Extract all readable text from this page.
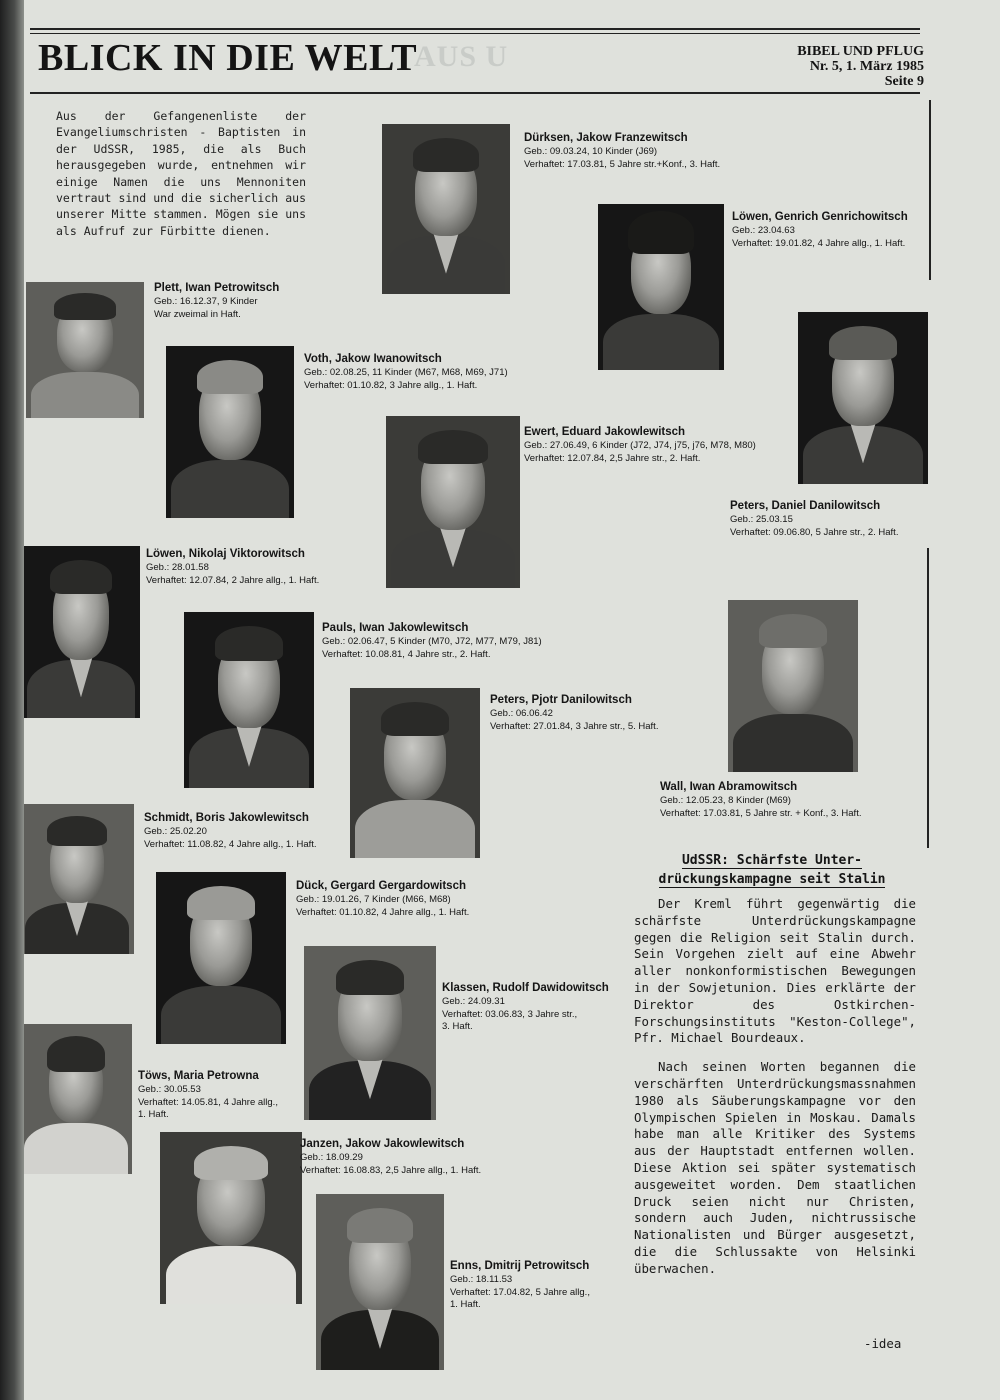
AUS U
BLICK IN DIE WELT	BIBEL UND PFLUG
Nr. 5, 1. März 1985
Seite 9
Aus der Gefangenenliste der Evangeliumschristen - Baptisten in der UdSSR, 1985, die als Buch herausgegeben wurde, entnehmen wir einige Namen die uns Mennoniten vertraut sind und die sicherlich aus unserer Mitte stammen. Mögen sie uns als Aufruf zur Fürbitte dienen.
Dürksen, Jakow Franzewitsch
Geb.: 09.03.24, 10 Kinder (J69)
Verhaftet: 17.03.81, 5 Jahre str.+Konf., 3. Haft.
Löwen, Genrich Genrichowitsch
Geb.: 23.04.63
Verhaftet: 19.01.82, 4 Jahre allg., 1. Haft.
Plett, Iwan Petrowitsch
Geb.: 16.12.37, 9 Kinder
War zweimal in Haft.
Voth, Jakow Iwanowitsch
Geb.: 02.08.25, 11 Kinder (M67, M68, M69, J71)
Verhaftet: 01.10.82, 3 Jahre allg., 1. Haft.
Ewert, Eduard Jakowlewitsch
Geb.: 27.06.49, 6 Kinder (J72, J74, j75, j76, M78, M80)
Verhaftet: 12.07.84, 2,5 Jahre str., 2. Haft.
Peters, Daniel Danilowitsch
Geb.: 25.03.15
Verhaftet: 09.06.80, 5 Jahre str., 2. Haft.
Löwen, Nikolaj Viktorowitsch
Geb.: 28.01.58
Verhaftet: 12.07.84, 2 Jahre allg., 1. Haft.
Pauls, Iwan Jakowlewitsch
Geb.: 02.06.47, 5 Kinder (M70, J72, M77, M79, J81)
Verhaftet: 10.08.81, 4 Jahre str., 2. Haft.
Peters, Pjotr Danilowitsch
Geb.: 06.06.42
Verhaftet: 27.01.84, 3 Jahre str., 5. Haft.
Wall, Iwan Abramowitsch
Geb.: 12.05.23, 8 Kinder (M69)
Verhaftet: 17.03.81, 5 Jahre str. + Konf., 3. Haft.
Schmidt, Boris Jakowlewitsch
Geb.: 25.02.20
Verhaftet: 11.08.82, 4 Jahre allg., 1. Haft.
Dück, Gergard Gergardowitsch
Geb.: 19.01.26, 7 Kinder (M66, M68)
Verhaftet: 01.10.82, 4 Jahre allg., 1. Haft.
Klassen, Rudolf Dawidowitsch
Geb.: 24.09.31
Verhaftet: 03.06.83, 3 Jahre str.,
3. Haft.
Töws, Maria Petrowna
Geb.: 30.05.53
Verhaftet: 14.05.81, 4 Jahre allg.,
1. Haft.
Janzen, Jakow Jakowlewitsch
Geb.: 18.09.29
Verhaftet: 16.08.83, 2,5 Jahre allg., 1. Haft.
Enns, Dmitrij Petrowitsch
Geb.: 18.11.53
Verhaftet: 17.04.82, 5 Jahre allg.,
1. Haft.
UdSSR: Schärfste Unter-
drückungskampagne seit Stalin

Der Kreml führt gegenwärtig die schärfste Unterdrückungskampagne gegen die Religion seit Stalin durch. Sein Vorgehen zielt auf eine Abwehr aller nonkonformistischen Bewegungen in der Sowjetunion. Dies erklärte der Direktor des Ostkirchen-Forschungsinstituts "Keston-College", Pfr. Michael Bourdeaux.

Nach seinen Worten begannen die verschärften Unterdrückungsmassnahmen 1980 als Säuberungskampagne vor den Olympischen Spielen in Moskau. Damals habe man alle Kritiker des Systems aus der Hauptstadt entfernen wollen. Diese Aktion sei später systematisch ausgeweitet worden. Dem staatlichen Druck seien nicht nur Christen, sondern auch Juden, nichtrussische Nationalisten und Bürger ausgesetzt, die die Schlussakte von Helsinki überwachen.

-idea
